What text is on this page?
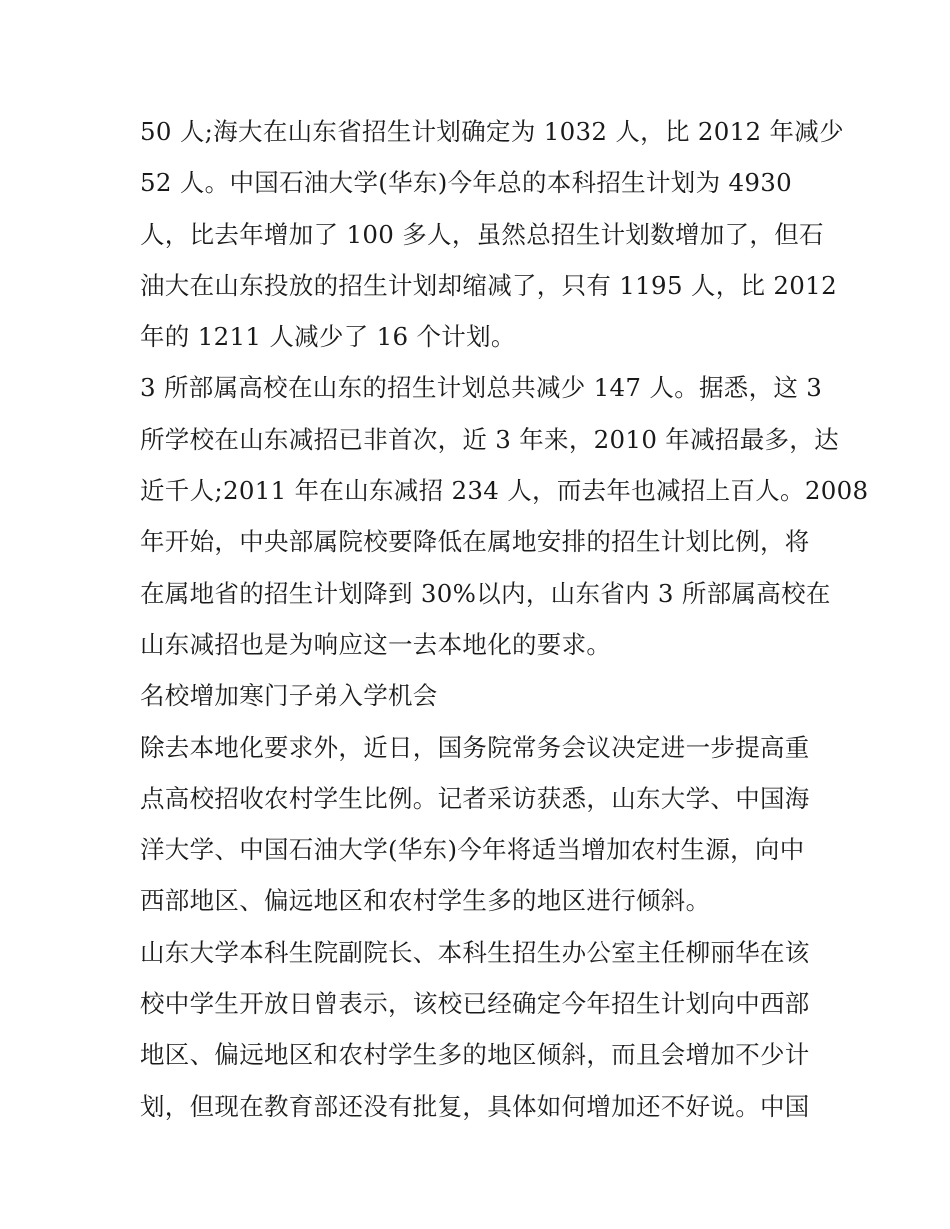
50 人;海大在山东省招生计划确定为 1032 人，比 2012 年减少
52 人。中国石油大学(华东)今年总的本科招生计划为 4930
人，比去年增加了 100 多人，虽然总招生计划数增加了，但石
油大在山东投放的招生计划却缩减了，只有 1195 人，比 2012
年的 1211 人减少了 16 个计划。

3 所部属高校在山东的招生计划总共减少 147 人。据悉，这 3
所学校在山东减招已非首次，近 3 年来，2010 年减招最多，达
近千人;2011 年在山东减招 234 人，而去年也减招上百人。2008
年开始，中央部属院校要降低在属地安排的招生计划比例，将
在属地省的招生计划降到 30%以内，山东省内 3 所部属高校在
山东减招也是为响应这一去本地化的要求。

名校增加寒门子弟入学机会

除去本地化要求外，近日，国务院常务会议决定进一步提高重
点高校招收农村学生比例。记者采访获悉，山东大学、中国海
洋大学、中国石油大学(华东)今年将适当增加农村生源，向中
西部地区、偏远地区和农村学生多的地区进行倾斜。

山东大学本科生院副院长、本科生招生办公室主任柳丽华在该
校中学生开放日曾表示，该校已经确定今年招生计划向中西部
地区、偏远地区和农村学生多的地区倾斜，而且会增加不少计
划，但现在教育部还没有批复，具体如何增加还不好说。中国
